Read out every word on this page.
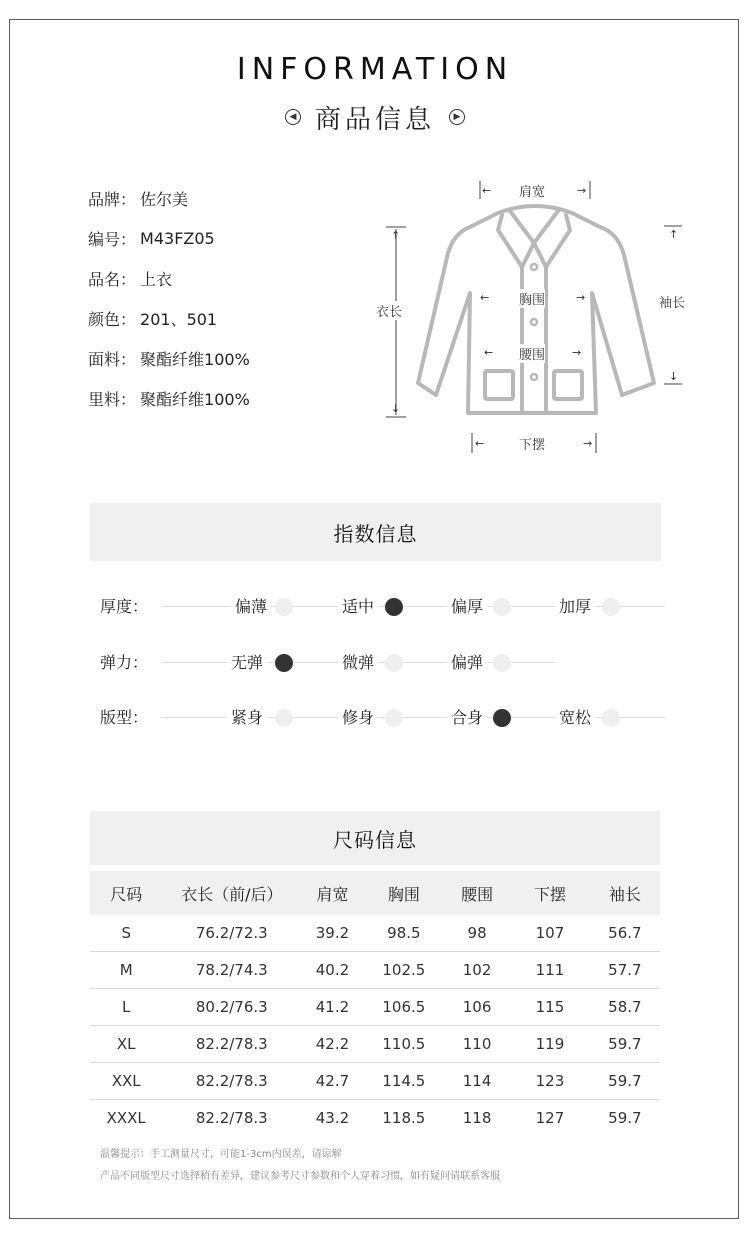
INFORMATION
◀ 商品信息	▶
品牌 ： 佐尔美
编号 ： M43FZ05
品名 ： 上衣
颜色 ： 201、501
面料 ： 聚酯纤维100%
里料 ： 聚酯纤维100%
← 肩宽	→
↑
衣长
↓
← 胸围	→
← 腰围 →
↑
袖长
↓
←	下摆	→
指数信息
厚度：	偏薄	适中	偏厚	加厚
弹力：	无弹	微弹	偏弹
版型：	紧身	修身	合身	宽松
尺码信息
尺码	衣长（前/后）	肩宽	胸围	腰围	下摆	袖长
S	76.2/72.3	39.2	98.5	98	107	56.7
M	78.2/74.3	40.2	102.5	102	111	57.7
L	80.2/76.3	41.2	106.5	106	115	58.7
XL	82.2/78.3	42.2	110.5	110	119	59.7
XXL	82.2/78.3	42.7	114.5	114	123	59.7
XXXL	82.2/78.3	43.2	118.5	118	127	59.7
温馨提示：手工测量尺寸，可能1-3cm内误差，请谅解
产品不同版型尺寸选择稍有差异，建议参考尺寸参数和个人穿着习惯，如有疑问请联系客服
